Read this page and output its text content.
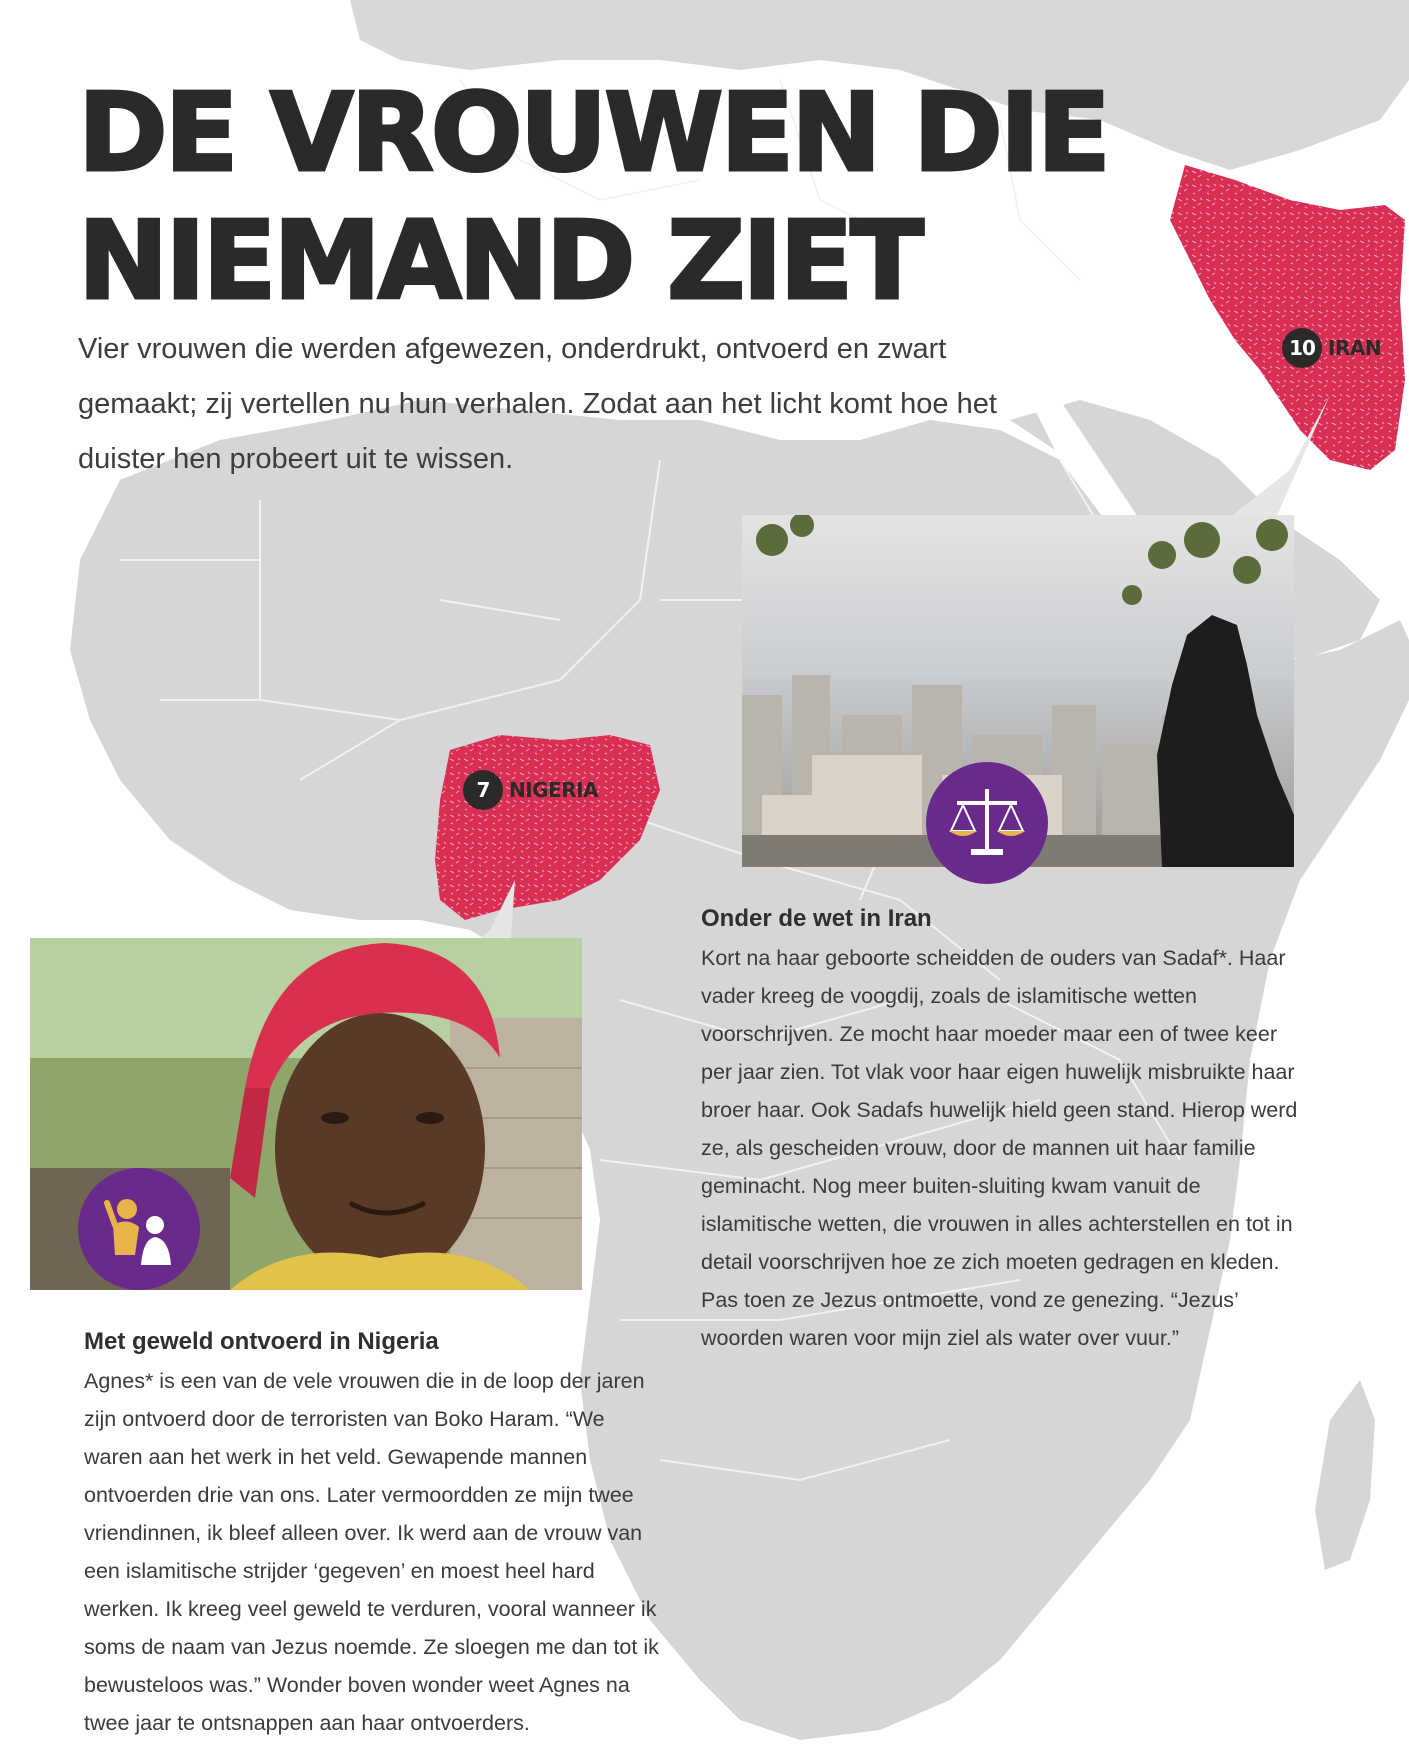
DE VROUWEN DIE
NIEMAND ZIET

Vier vrouwen die werden afgewezen, onderdrukt, ontvoerd en zwart gemaakt; zij vertellen nu hun verhalen. Zodat aan het licht komt hoe het duister hen probeert uit te wissen.

10 IRAN
7 NIGERIA
Onder de wet in Iran

Kort na haar geboorte scheidden de ouders van Sadaf*. Haar vader kreeg de voogdij, zoals de islamitische wetten voorschrijven. Ze mocht haar moeder maar een of twee keer per jaar zien. Tot vlak voor haar eigen huwelijk misbruikte haar broer haar. Ook Sadafs huwelijk hield geen stand. Hierop werd ze, als gescheiden vrouw, door de mannen uit haar familie geminacht. Nog meer buiten-sluiting kwam vanuit de islamitische wetten, die vrouwen in alles achterstellen en tot in detail voorschrijven hoe ze zich moeten gedragen en kleden. Pas toen ze Jezus ontmoette, vond ze genezing. “Jezus’ woorden waren voor mijn ziel als water over vuur.”

Met geweld ontvoerd in Nigeria

Agnes* is een van de vele vrouwen die in de loop der jaren zijn ontvoerd door de terroristen van Boko Haram. “We waren aan het werk in het veld. Gewapende mannen ontvoerden drie van ons. Later vermoordden ze mijn twee vriendinnen, ik bleef alleen over. Ik werd aan de vrouw van een islamitische strijder ‘gegeven’ en moest heel hard werken. Ik kreeg veel geweld te verduren, vooral wanneer ik soms de naam van Jezus noemde. Ze sloegen me dan tot ik bewusteloos was.” Wonder boven wonder weet Agnes na twee jaar te ontsnappen aan haar ontvoerders.
